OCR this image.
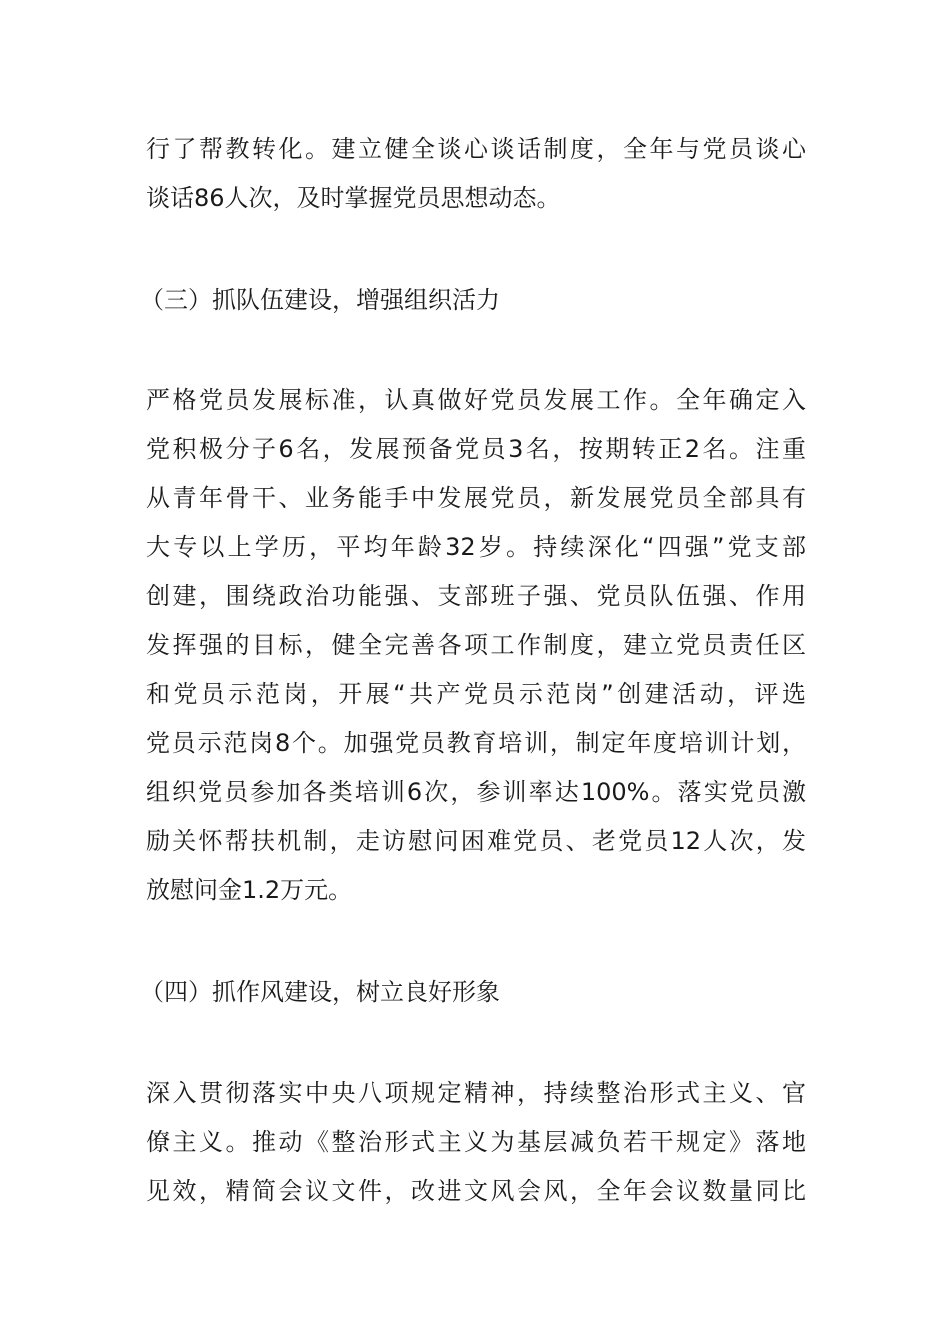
行了帮教转化。建立健全谈心谈话制度，全年与党员谈心
谈话86人次，及时掌握党员思想动态。
（三）抓队伍建设，增强组织活力
严格党员发展标准，认真做好党员发展工作。全年确定入
党积极分子6名，发展预备党员3名，按期转正2名。注重
从青年骨干、业务能手中发展党员，新发展党员全部具有
大专以上学历，平均年龄32岁。持续深化“四强”党支部
创建，围绕政治功能强、支部班子强、党员队伍强、作用
发挥强的目标，健全完善各项工作制度，建立党员责任区
和党员示范岗，开展“共产党员示范岗”创建活动，评选
党员示范岗8个。加强党员教育培训，制定年度培训计划，
组织党员参加各类培训6次，参训率达100%。落实党员激
励关怀帮扶机制，走访慰问困难党员、老党员12人次，发
放慰问金1.2万元。
（四）抓作风建设，树立良好形象
深入贯彻落实中央八项规定精神，持续整治形式主义、官
僚主义。推动《整治形式主义为基层减负若干规定》落地
见效，精简会议文件，改进文风会风，全年会议数量同比
